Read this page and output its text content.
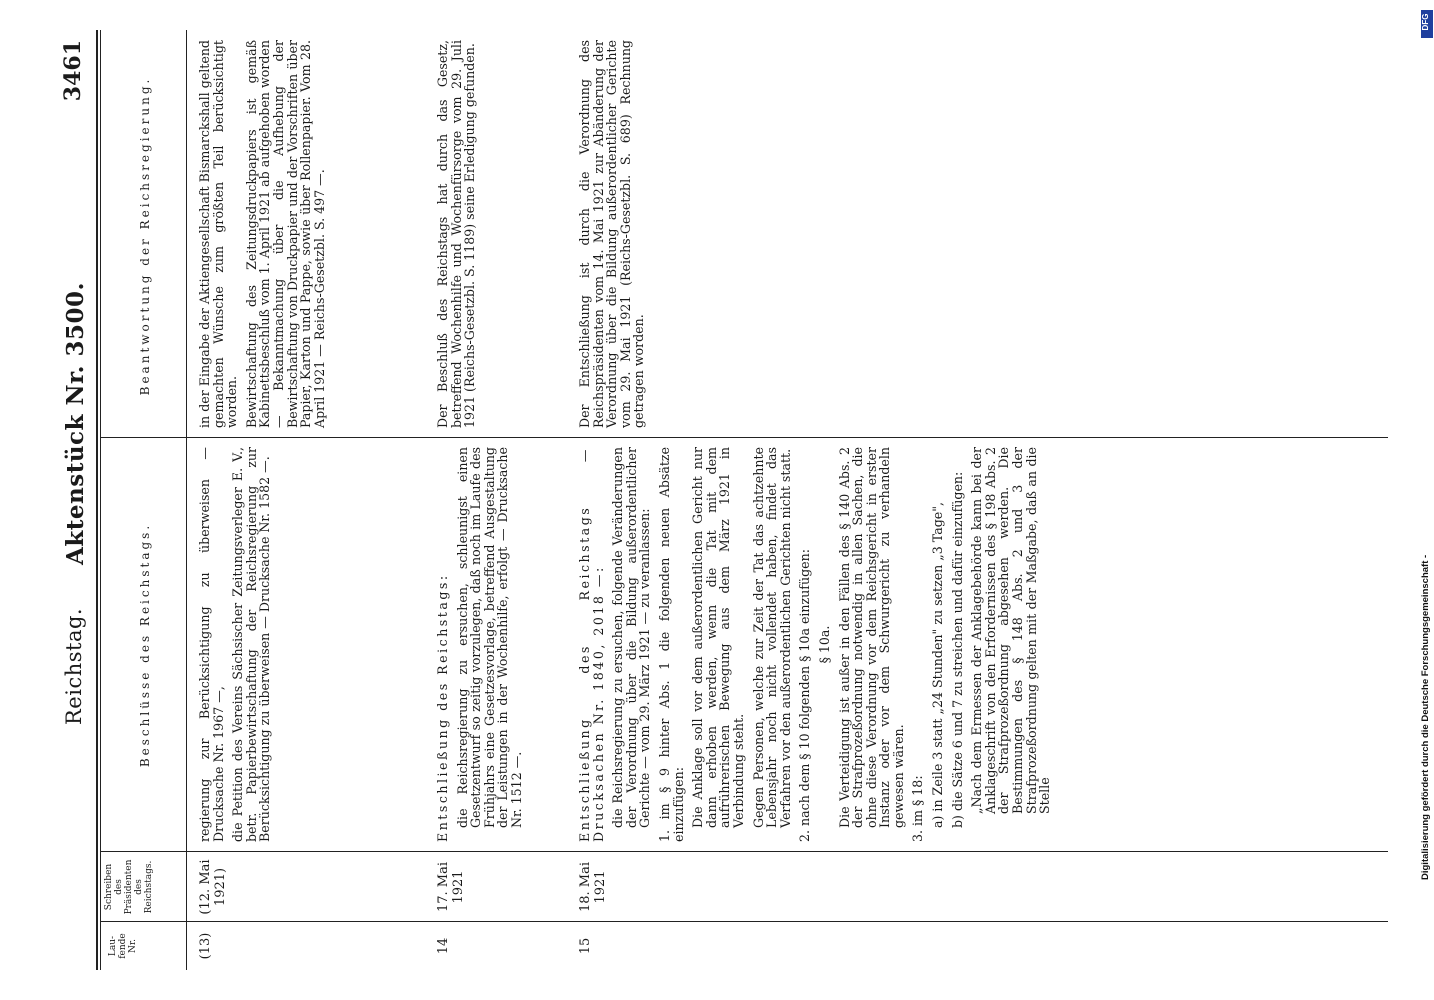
Reichstag.
Aktenstück Nr. 3500.
3461
Lau-
fende
Nr.
Schreiben
des
Präsidenten
des
Reichstags.
Beschlüsse des Reichstags.
Beantwortung der Reichsregierung.
(13)
(12. Mai
1921)

regierung zur Berücksichtigung zu überweisen — Drucksache Nr. 1967 —, die Petition des Vereins Sächsischer Zeitungsverleger E. V., betr. Papierbewirtschaftung der Reichsregierung zur Berücksichtigung zu überweisen — Drucksache Nr. 1582 —.

in der Eingabe der Aktiengesellschaft Bismarckshall geltend gemachten Wünsche zum größten Teil berücksichtigt worden. Bewirtschaftung des Zeitungsdruckpapiers ist gemäß Kabinettsbeschluß vom 1. April 1921 ab aufgehoben worden — Bekanntmachung über die Aufhebung der Bewirtschaftung von Druckpapier und der Vorschriften über Papier, Karton und Pappe, sowie über Rollenpapier. Vom 28. April 1921 — Reichs-Gesetzbl. S. 497 —.

14
17. Mai
1921

Entschließung des Reichstags: die Reichsregierung zu ersuchen, schleunigst einen Gesetzentwurf so zeitig vorzulegen, daß noch im Laufe des Frühjahrs eine Gesetzesvorlage, betreffend Ausgestaltung der Leistungen in der Wochenhilfe, erfolgt — Drucksache Nr. 1512 —.

Der Beschluß des Reichstags hat durch das Gesetz, betreffend Wochenhilfe und Wochenfürsorge vom 29. Juli 1921 (Reichs-Gesetzbl. S. 1189) seine Erledigung gefunden.

15
18. Mai
1921

Entschließung des Reichstags — Drucksachen Nr. 1840, 2018 —: die Reichsregierung zu ersuchen, folgende Veränderungen der Verordnung über die Bildung außerordentlicher Gerichte — vom 29. März 1921 — zu veranlassen: 1. im § 9 hinter Abs. 1 die folgenden neuen Absätze einzufügen: Die Anklage soll vor dem außerordentlichen Gericht nur dann erhoben werden, wenn die Tat mit dem aufrührerischen Bewegung aus dem März 1921 in Verbindung steht. Gegen Personen, welche zur Zeit der Tat das achtzehnte Lebensjahr noch nicht vollendet haben, findet das Verfahren vor den außerordentlichen Gerichten nicht statt. 2. nach dem § 10 folgenden § 10a einzufügen: § 10a. Die Verteidigung ist außer in den Fällen des § 140 Abs. 2 der Strafprozeßordnung notwendig in allen Sachen, die ohne diese Verordnung vor dem Reichsgericht in erster Instanz oder vor dem Schwurgericht zu verhandeln gewesen wären. 3. im § 18: a) in Zeile 3 statt „24 Stunden" zu setzen „3 Tage", b) die Sätze 6 und 7 zu streichen und dafür einzufügen: „Nach dem Ermessen der Anklagebehörde kann bei der Anklageschrift von den Erfordernissen des § 198 Abs. 2 der Strafprozeßordnung abgesehen werden. Die Bestimmungen des § 148 Abs. 2 und 3 der Strafprozeßordnung gelten mit der Maßgabe, daß an die Stelle

Der Entschließung ist durch die Verordnung des Reichspräsidenten vom 14. Mai 1921 zur Abänderung der Verordnung über die Bildung außerordentlicher Gerichte vom 29. Mai 1921 (Reichs-Gesetzbl. S. 689) Rechnung getragen worden.

DFG
Digitalisierung gefördert durch die Deutsche Forschungsgemeinschaft -
